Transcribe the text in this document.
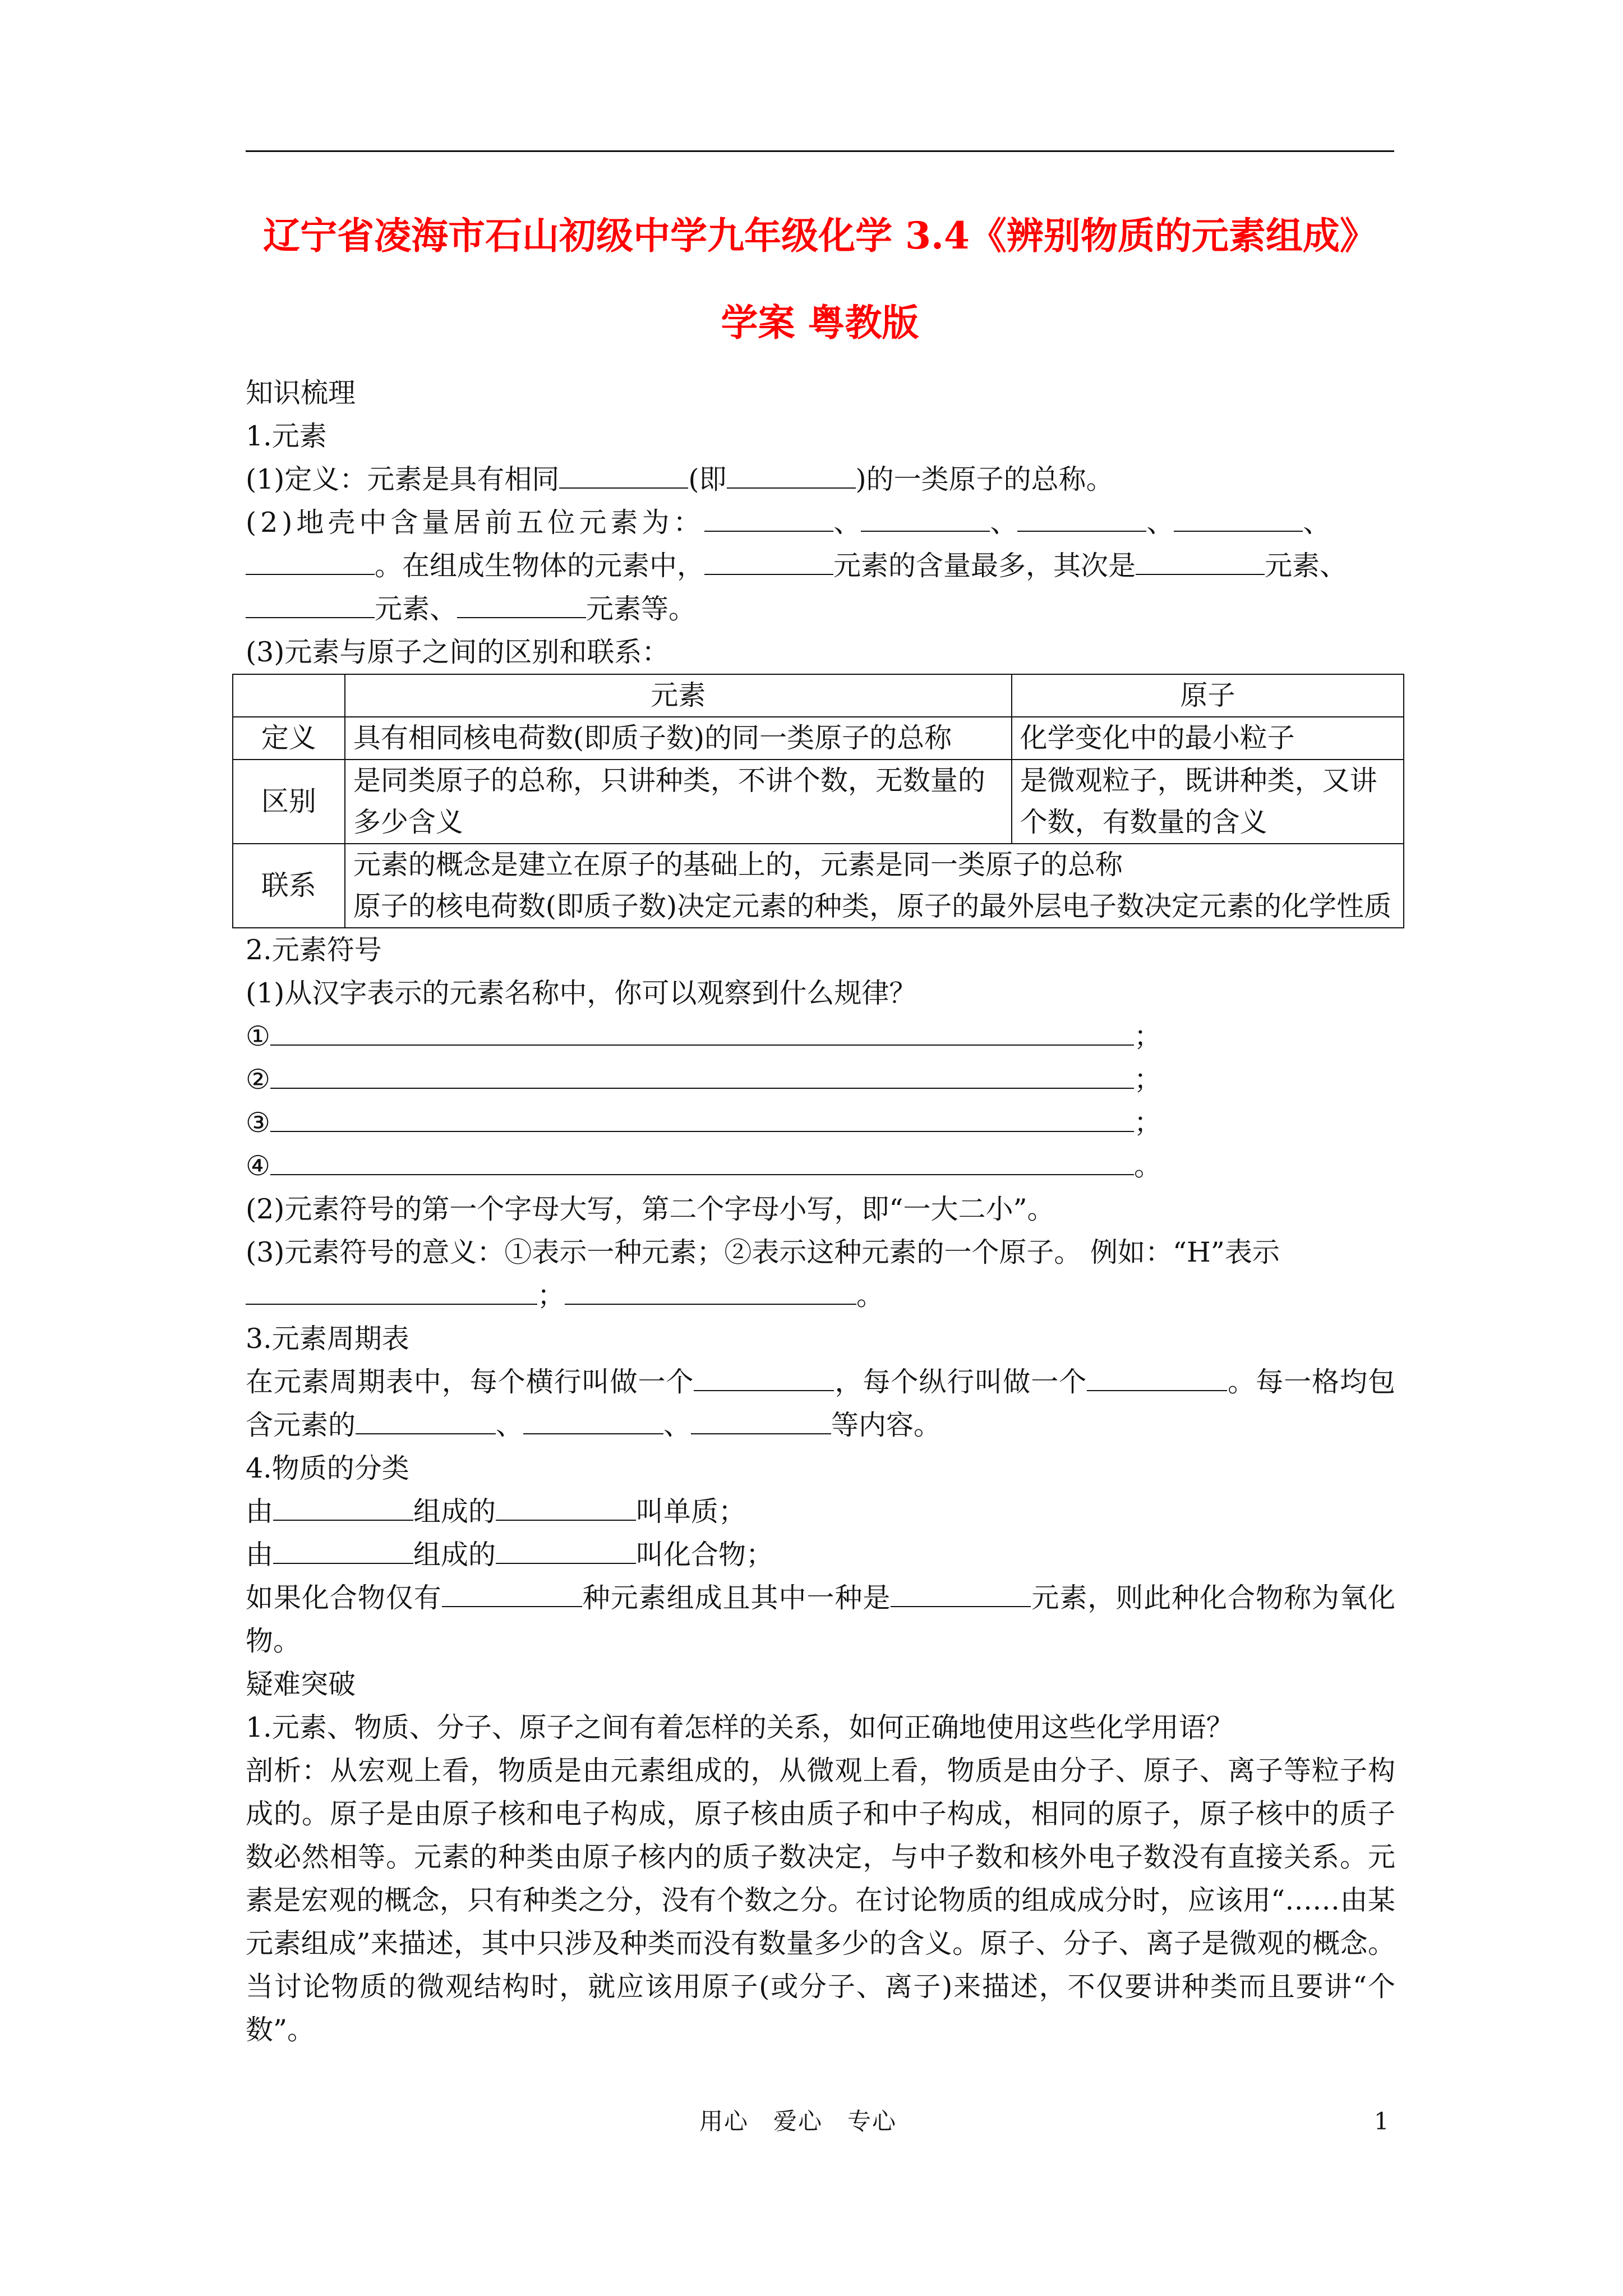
辽宁省凌海市石山初级中学九年级化学 3.4《辨别物质的元素组成》
学案 粤教版

知识梳理

1.元素

(1)定义：元素是具有相同	(即	)的一类原子的总称。

(2)地壳中含量居前五位元素为：	、	、	、	、

。在组成生物体的元素中，	元素的含量最多，其次是	元素、

元素、	元素等。

(3)元素与原子之间的区别和联系：

	元素	原子
定义	具有相同核电荷数(即质子数)的同一类原子的总称	化学变化中的最小粒子
区别	是同类原子的总称，只讲种类，不讲个数，无数量的多少含义	是微观粒子，既讲种类，又讲个数，有数量的含义
联系	元素的概念是建立在原子的基础上的，元素是同一类原子的总称
原子的核电荷数(即质子数)决定元素的种类，原子的最外层电子数决定元素的化学性质	

2.元素符号

(1)从汉字表示的元素名称中，你可以观察到什么规律？

①	；

②	；

③	；

④	。

(2)元素符号的第一个字母大写，第二个字母小写，即“一大二小”。

(3)元素符号的意义：①表示一种元素；②表示这种元素的一个原子。 例如：“H”表示

；	。

3.元素周期表

在元素周期表中，每个横行叫做一个	，每个纵行叫做一个	。每一格均包含元素的	、	、	等内容。

4.物质的分类

由	组成的	叫单质；

由	组成的	叫化合物；

如果化合物仅有	种元素组成且其中一种是	元素，则此种化合物称为氧化物。

疑难突破

1.元素、物质、分子、原子之间有着怎样的关系，如何正确地使用这些化学用语？

剖析：从宏观上看，物质是由元素组成的，从微观上看，物质是由分子、原子、离子等粒子构成的。原子是由原子核和电子构成，原子核由质子和中子构成，相同的原子，原子核中的质子数必然相等。元素的种类由原子核内的质子数决定，与中子数和核外电子数没有直接关系。元素是宏观的概念，只有种类之分，没有个数之分。在讨论物质的组成成分时，应该用“……由某元素组成”来描述，其中只涉及种类而没有数量多少的含义。原子、分子、离子是微观的概念。当讨论物质的微观结构时，就应该用原子(或分子、离子)来描述，不仅要讲种类而且要讲“个数”。

用心　爱心　专心	1
